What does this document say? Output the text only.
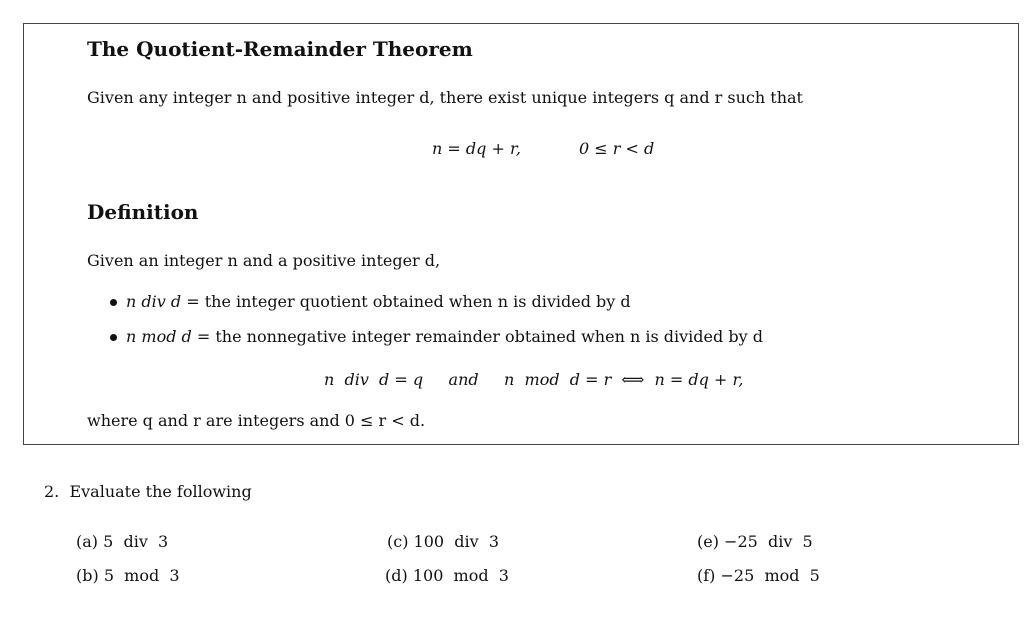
The Quotient-Remainder Theorem
Given any integer n and positive integer d, there exist unique integers q and r such that
n = dq + r,	0 ≤ r < d
Definition
Given an integer n and a positive integer d,
n div d = the integer quotient obtained when n is divided by d
n mod d = the nonnegative integer remainder obtained when n is divided by d
n  div  d = q     and     n  mod  d = r  ⟺  n = dq + r,
where q and r are integers and 0 ≤ r < d.
2.  Evaluate the following
(a) 5  div  3
(b) 5  mod  3
(c) 100  div  3
(d) 100  mod  3
(e) −25  div  5
(f) −25  mod  5
